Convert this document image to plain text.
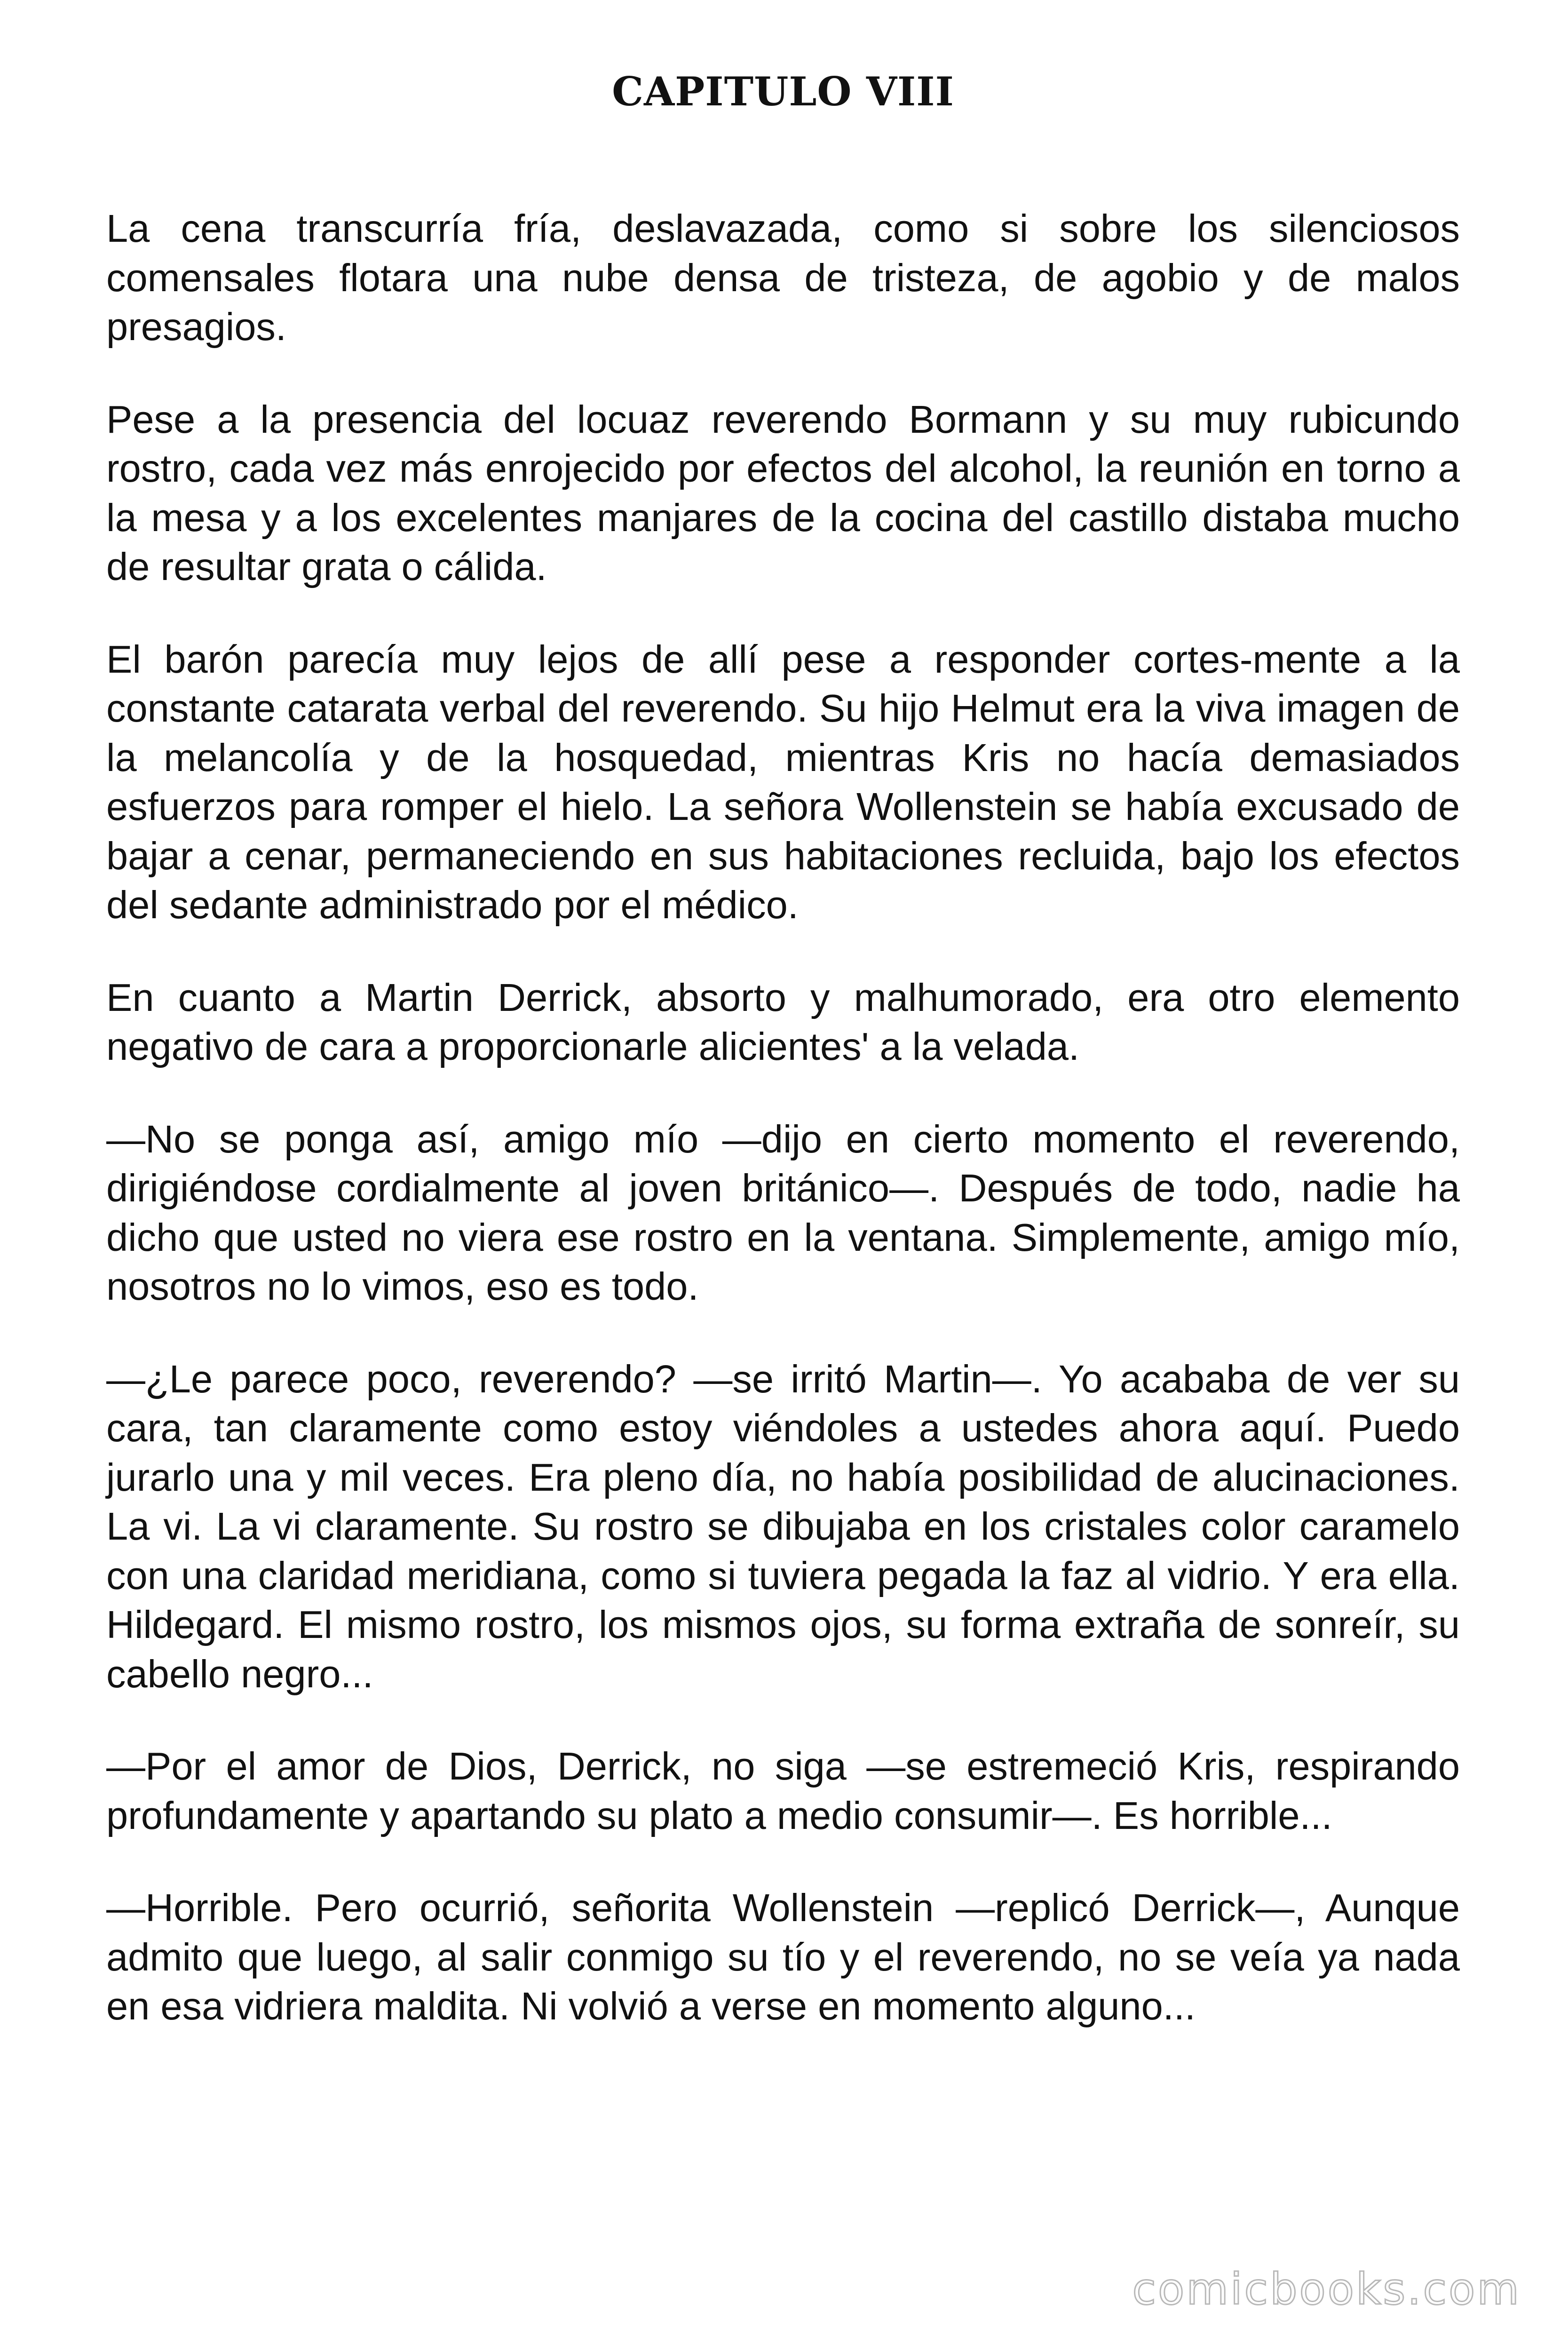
CAPITULO VIII

La cena transcurría fría, deslavazada, como si sobre los silenciosos comensales flotara una nube densa de tristeza, de agobio y de malos presagios.

Pese a la presencia del locuaz reverendo Bormann y su muy rubicundo rostro, cada vez más enrojecido por efectos del alcohol, la reunión en torno a la mesa y a los excelentes manjares de la cocina del castillo distaba mucho de resultar grata o cálida.

El barón parecía muy lejos de allí pese a responder cortes-mente a la constante catarata verbal del reverendo. Su hijo Helmut era la viva imagen de la melancolía y de la hosquedad, mientras Kris no hacía demasiados esfuerzos para romper el hielo. La señora Wollenstein se había excusado de bajar a cenar, permaneciendo en sus habitaciones recluida, bajo los efectos del sedante administrado por el médico.

En cuanto a Martin Derrick, absorto y malhumorado, era otro elemento negativo de cara a proporcionarle alicientes' a la velada.

—No se ponga así, amigo mío —dijo en cierto momento el reverendo, dirigiéndose cordialmente al joven británico—. Después de todo, nadie ha dicho que usted no viera ese rostro en la ventana. Simplemente, amigo mío, nosotros no lo vimos, eso es todo.

—¿Le parece poco, reverendo? —se irritó Martin—. Yo acababa de ver su cara, tan claramente como estoy viéndoles a ustedes ahora aquí. Puedo jurarlo una y mil veces. Era pleno día, no había posibilidad de alucinaciones. La vi. La vi claramente. Su rostro se dibujaba en los cristales color caramelo con una claridad meridiana, como si tuviera pegada la faz al vidrio. Y era ella. Hildegard. El mismo rostro, los mismos ojos, su forma extraña de sonreír, su cabello negro...

—Por el amor de Dios, Derrick, no siga —se estremeció Kris, respirando profundamente y apartando su plato a medio consumir—. Es horrible...

—Horrible. Pero ocurrió, señorita Wollenstein —replicó Derrick—, Aunque admito que luego, al salir conmigo su tío y el reverendo, no se veía ya nada en esa vidriera maldita. Ni volvió a verse en momento alguno...

comicbooks.com
